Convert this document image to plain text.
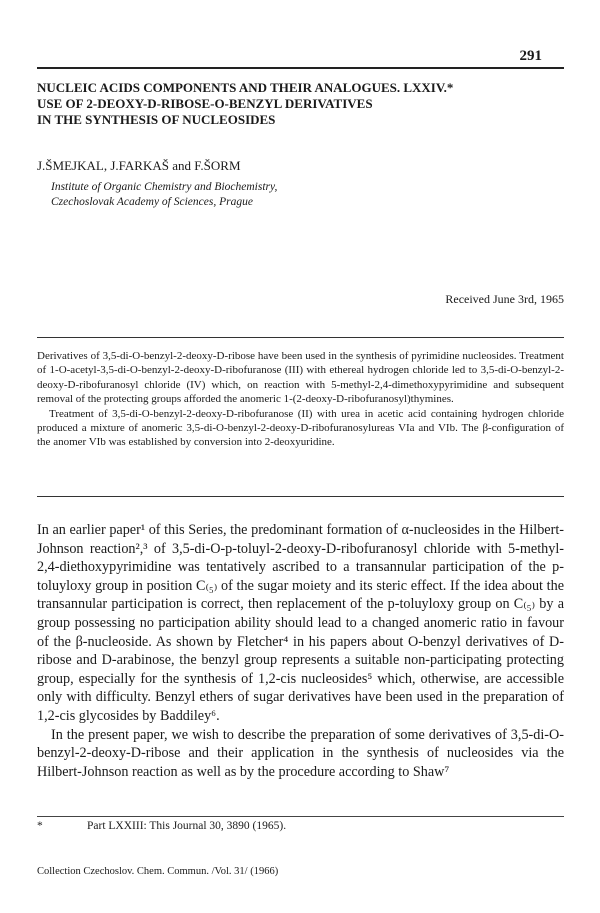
291
NUCLEIC ACIDS COMPONENTS AND THEIR ANALOGUES. LXXIV.*
USE OF 2-DEOXY-D-RIBOSE-O-BENZYL DERIVATIVES
IN THE SYNTHESIS OF NUCLEOSIDES

J.ŠMEJKAL, J.FARKAŠ and F.ŠORM

Institute of Organic Chemistry and Biochemistry,
Czechoslovak Academy of Sciences, Prague

Received June 3rd, 1965

Derivatives of 3,5-di-O-benzyl-2-deoxy-D-ribose have been used in the synthesis of pyrimidine nucleosides. Treatment of 1-O-acetyl-3,5-di-O-benzyl-2-deoxy-D-ribofuranose (III) with ethereal hydrogen chloride led to 3,5-di-O-benzyl-2-deoxy-D-ribofuranosyl chloride (IV) which, on reaction with 5-methyl-2,4-dimethoxypyrimidine and subsequent removal of the protecting groups afforded the anomeric 1-(2-deoxy-D-ribofuranosyl)thymines.

Treatment of 3,5-di-O-benzyl-2-deoxy-D-ribofuranose (II) with urea in acetic acid containing hydrogen chloride produced a mixture of anomeric 3,5-di-O-benzyl-2-deoxy-D-ribofuranosylureas VIa and VIb. The β-configuration of the anomer VIb was established by conversion into 2-deoxyuridine.

In an earlier paper¹ of this Series, the predominant formation of α-nucleosides in the Hilbert-Johnson reaction²,³ of 3,5-di-O-p-toluyl-2-deoxy-D-ribofuranosyl chloride with 5-methyl-2,4-diethoxypyrimidine was tentatively ascribed to a transannular participation of the p-toluyloxy group in position C₍₅₎ of the sugar moiety and its steric effect. If the idea about the transannular participation is correct, then replacement of the p-toluyloxy group on C₍₅₎ by a group possessing no participation ability should lead to a changed anomeric ratio in favour of the β-nucleoside. As shown by Fletcher⁴ in his papers about O-benzyl derivatives of D-ribose and D-arabinose, the benzyl group represents a suitable non-participating protecting group, especially for the synthesis of 1,2-cis nucleosides⁵ which, otherwise, are accessible only with difficulty. Benzyl ethers of sugar derivatives have been used in the preparation of 1,2-cis glycosides by Baddiley⁶.

In the present paper, we wish to describe the preparation of some derivatives of 3,5-di-O-benzyl-2-deoxy-D-ribose and their application in the synthesis of nucleosides via the Hilbert-Johnson reaction as well as by the procedure according to Shaw⁷

*	Part LXXIII: This Journal 30, 3890 (1965).

Collection Czechoslov. Chem. Commun. /Vol. 31/ (1966)
